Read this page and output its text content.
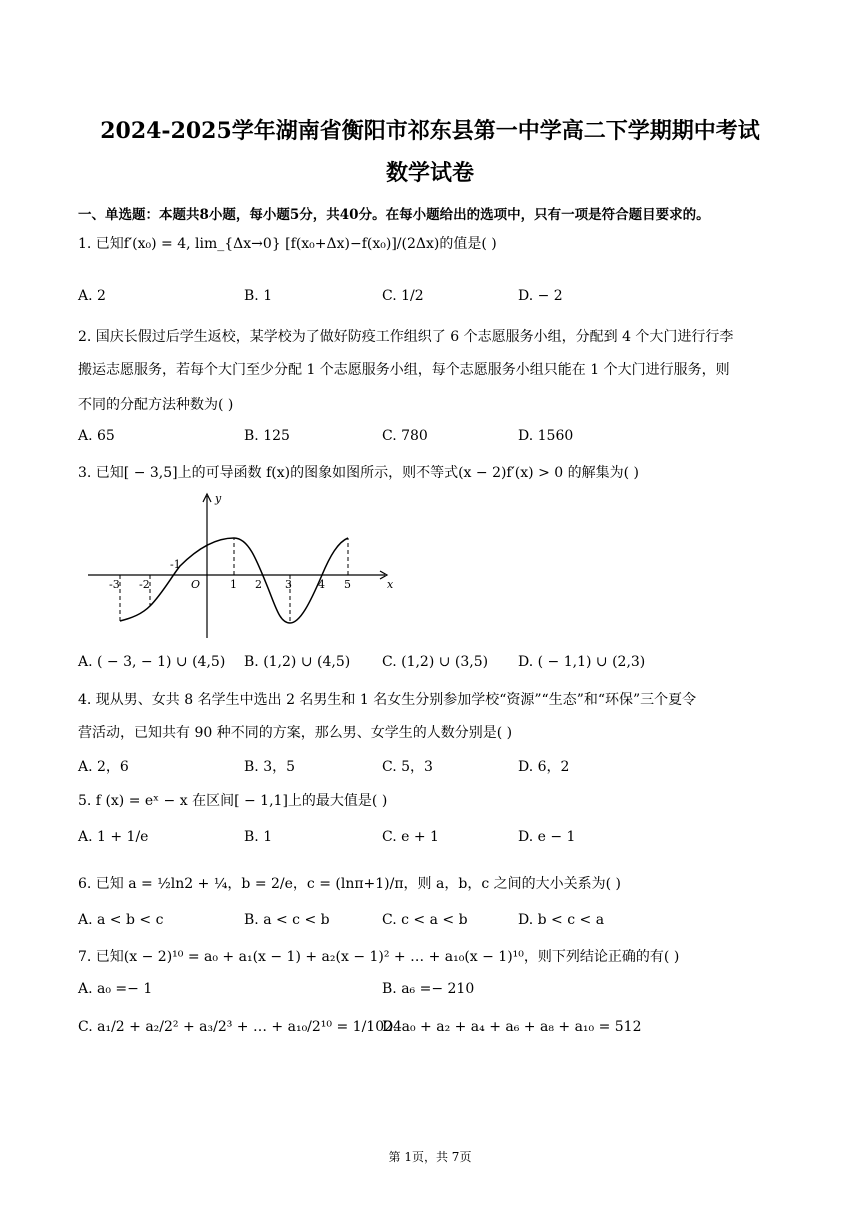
2024-2025学年湖南省衡阳市祁东县第一中学高二下学期期中考试
数学试卷
一、单选题：本题共8小题，每小题5分，共40分。在每小题给出的选项中，只有一项是符合题目要求的。
1. 已知f′(x₀) = 4, lim_{Δx→0} [f(x₀+Δx)−f(x₀)]/(2Δx)的值是( )
A. 2	B. 1	C. 1/2	D. − 2
2. 国庆长假过后学生返校，某学校为了做好防疫工作组织了 6 个志愿服务小组，分配到 4 个大门进行行李
搬运志愿服务，若每个大门至少分配 1 个志愿服务小组，每个志愿服务小组只能在 1 个大门进行服务，则
不同的分配方法种数为( )
A. 65	B. 125	C. 780	D. 1560
3. 已知[ − 3,5]上的可导函数 f(x)的图象如图所示，则不等式(x − 2)f′(x) > 0 的解集为( )
y
x
O
-3 -2
-1
1 2 3 4 5
A. ( − 3, − 1) ∪ (4,5) B. (1,2) ∪ (4,5) C. (1,2) ∪ (3,5) D. ( − 1,1) ∪ (2,3)
4. 现从男、女共 8 名学生中选出 2 名男生和 1 名女生分别参加学校“资源”“生态”和“环保”三个夏令
营活动，已知共有 90 种不同的方案，那么男、女学生的人数分别是( )
A. 2，6	B. 3，5	C. 5，3	D. 6，2
5. f (x) = eˣ − x 在区间[ − 1,1]上的最大值是( )
A. 1 + 1/e	B. 1	C. e + 1	D. e − 1
6. 已知 a = ½ln2 + ¼，b = 2/e，c = (lnπ+1)/π，则 a，b，c 之间的大小关系为( )
A. a < b < c	B. a < c < b	C. c < a < b	D. b < c < a
7. 已知(x − 2)¹⁰ = a₀ + a₁(x − 1) + a₂(x − 1)² + … + a₁₀(x − 1)¹⁰，则下列结论正确的有( )
A. a₀ =− 1	B. a₆ =− 210
C. a₁/2 + a₂/2² + a₃/2³ + … + a₁₀/2¹⁰ = 1/1024
D. a₀ + a₂ + a₄ + a₆ + a₈ + a₁₀ = 512
第 1页，共 7页
